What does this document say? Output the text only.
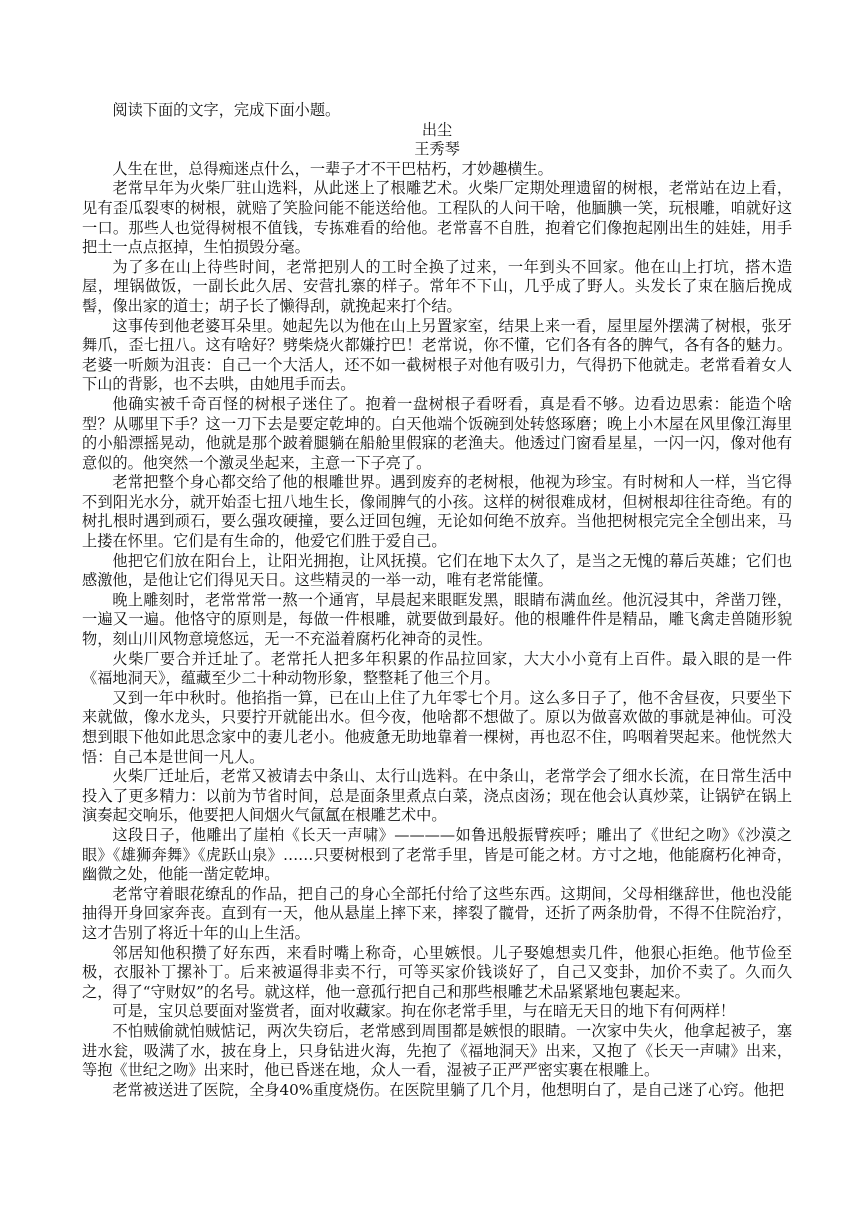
阅读下面的文字，完成下面小题。

出尘

王秀琴

人生在世，总得痴迷点什么，一辈子才不干巴枯朽，才妙趣横生。

老常早年为火柴厂驻山选料，从此迷上了根雕艺术。火柴厂定期处理遗留的树根，老常站在边上看，见有歪瓜裂枣的树根，就赔了笑脸问能不能送给他。工程队的人问干啥，他腼腆一笑，玩根雕，咱就好这一口。那些人也觉得树根不值钱，专拣难看的给他。老常喜不自胜，抱着它们像抱起刚出生的娃娃，用手把土一点点抠掉，生怕损毁分毫。

为了多在山上待些时间，老常把别人的工时全换了过来，一年到头不回家。他在山上打坑，搭木造屋，埋锅做饭，一副长此久居、安营扎寨的样子。常年不下山，几乎成了野人。头发长了束在脑后挽成髻，像出家的道士；胡子长了懒得刮，就挽起来打个结。

这事传到他老婆耳朵里。她起先以为他在山上另置家室，结果上来一看，屋里屋外摆满了树根，张牙舞爪，歪七扭八。这有啥好？劈柴烧火都嫌拧巴！老常说，你不懂，它们各有各的脾气，各有各的魅力。老婆一听颇为沮丧：自己一个大活人，还不如一截树根子对他有吸引力，气得扔下他就走。老常看着女人下山的背影，也不去哄，由她甩手而去。

他确实被千奇百怪的树根子迷住了。抱着一盘树根子看呀看，真是看不够。边看边思索：能造个啥型？从哪里下手？这一刀下去是要定乾坤的。白天他端个饭碗到处转悠琢磨；晚上小木屋在风里像江海里的小船漂摇晃动，他就是那个跛着腿躺在船舱里假寐的老渔夫。他透过门窗看星星，一闪一闪，像对他有意似的。他突然一个激灵坐起来，主意一下子亮了。

老常把整个身心都交给了他的根雕世界。遇到废弃的老树根，他视为珍宝。有时树和人一样，当它得不到阳光水分，就开始歪七扭八地生长，像闹脾气的小孩。这样的树很难成材，但树根却往往奇绝。有的树扎根时遇到顽石，要么强攻硬撞，要么迂回包缠，无论如何绝不放弃。当他把树根完完全全刨出来，马上搂在怀里。它们是有生命的，他爱它们胜于爱自己。

他把它们放在阳台上，让阳光拥抱，让风抚摸。它们在地下太久了，是当之无愧的幕后英雄；它们也感激他，是他让它们得见天日。这些精灵的一举一动，唯有老常能懂。

晚上雕刻时，老常常常一熬一个通宵，早晨起来眼眶发黑，眼睛布满血丝。他沉浸其中，斧凿刀锉，一遍又一遍。他恪守的原则是，每做一件根雕，就要做到最好。他的根雕件件是精品，雕飞禽走兽随形貌物，刻山川风物意境悠远，无一不充溢着腐朽化神奇的灵性。

火柴厂要合并迁址了。老常托人把多年积累的作品拉回家，大大小小竟有上百件。最入眼的是一件《福地洞天》，蕴藏至少二十种动物形象，整整耗了他三个月。

又到一年中秋时。他掐指一算，已在山上住了九年零七个月。这么多日子了，他不舍昼夜，只要坐下来就做，像水龙头，只要拧开就能出水。但今夜，他啥都不想做了。原以为做喜欢做的事就是神仙。可没想到眼下他如此思念家中的妻儿老小。他疲惫无助地靠着一棵树，再也忍不住，呜咽着哭起来。他恍然大悟：自己本是世间一凡人。

火柴厂迁址后，老常又被请去中条山、太行山选料。在中条山，老常学会了细水长流，在日常生活中投入了更多精力：以前为节省时间，总是面条里煮点白菜，浇点卤汤；现在他会认真炒菜，让锅铲在锅上演奏起交响乐，他要把人间烟火气氤氲在根雕艺术中。

这段日子，他雕出了崖柏《长天一声啸》————如鲁迅般振臂疾呼；雕出了《世纪之吻》《沙漠之眼》《雄狮奔舞》《虎跃山泉》……只要树根到了老常手里，皆是可能之材。方寸之地，他能腐朽化神奇，幽微之处，他能一凿定乾坤。

老常守着眼花缭乱的作品，把自己的身心全部托付给了这些东西。这期间，父母相继辞世，他也没能抽得开身回家奔丧。直到有一天，他从悬崖上摔下来，摔裂了髋骨，还折了两条肋骨，不得不住院治疗，这才告别了将近十年的山上生活。

邻居知他积攒了好东西，来看时嘴上称奇，心里嫉恨。儿子娶媳想卖几件，他狠心拒绝。他节俭至极，衣服补丁摞补丁。后来被逼得非卖不行，可等买家价钱谈好了，自己又变卦，加价不卖了。久而久之，得了“守财奴”的名号。就这样，他一意孤行把自己和那些根雕艺术品紧紧地包裹起来。

可是，宝贝总要面对鉴赏者，面对收藏家。拘在你老常手里，与在暗无天日的地下有何两样！

不怕贼偷就怕贼惦记，两次失窃后，老常感到周围都是嫉恨的眼睛。一次家中失火，他拿起被子，塞进水瓮，吸满了水，披在身上，只身钻进火海，先抱了《福地洞天》出来，又抱了《长天一声啸》出来，等抱《世纪之吻》出来时，他已昏迷在地，众人一看，湿被子正严严密实裹在根雕上。

老常被送进了医院，全身40%重度烧伤。在医院里躺了几个月，他想明白了，是自己迷了心窍。他把
